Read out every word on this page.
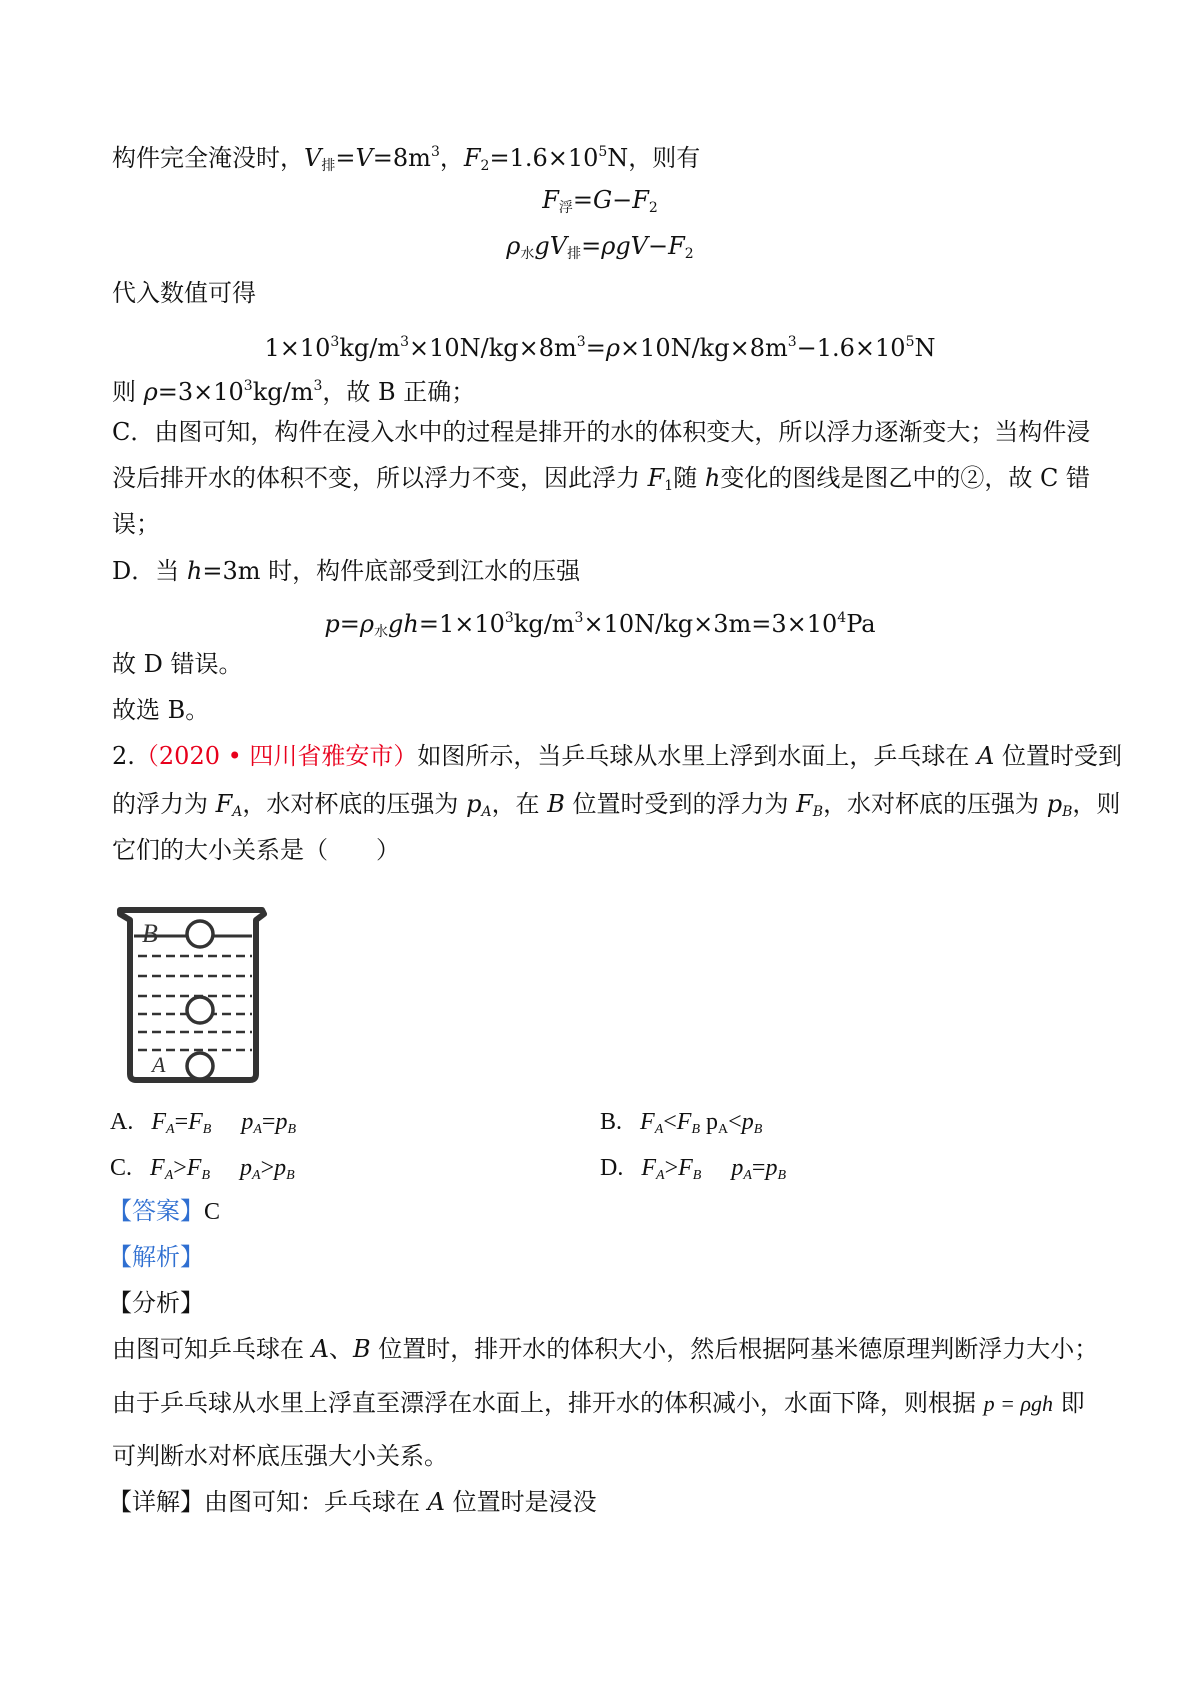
构件完全淹没时，$V_排=V=8m^3$，$F_2=1.6\times 10^5N$，则有
$F_浮=G-F_2$
$\rho_水gV_排=\rho gV-F_2$
代入数值可得
$1\times 10^3kg/m^3\times 10N/kg\times 8m^3=\rho\times 10N/kg\times 8m^3-1.6\times 10^5N$
则 $\rho=3\times 10^3kg/m^3$，故 B 正确；
C．由图可知，构件在浸入水中的过程是排开的水的体积变大，所以浮力逐渐变大；当构件浸
没后排开水的体积不变，所以浮力不变，因此浮力 $F_1$随 h变化的图线是图乙中的②，故 C 错
误；
D．当 h=3m 时，构件底部受到江水的压强
$p=\rho_水gh=1\times 10^3kg/m^3\times 10N/kg\times 3m=3\times 10^4Pa$
故 D 错误。
故选 B。
2.（2020 • 四川省雅安市）如图所示，当乒乓球从水里上浮到水面上，乒乓球在 A 位置时受到
的浮力为 $F_A$，水对杯底的压强为 $p_A$，在 B 位置时受到的浮力为 $F_B$，水对杯底的压强为 $p_B$，则
它们的大小关系是（　　）
B
A
A. $F_A=F_B$ $p_A=p_B$	B. $F_A<F_B$ $p_A<p_B$
C. $F_A>F_B$ $p_A>p_B$	D. $F_A>F_B$ $p_A=p_B$
【答案】C
【解析】
【分析】
由图可知乒乓球在 A、B 位置时，排开水的体积大小，然后根据阿基米德原理判断浮力大小；
由于乒乓球从水里上浮直至漂浮在水面上，排开水的体积减小，水面下降，则根据 p = ρgh 即
可判断水对杯底压强大小关系。
【详解】由图可知：乒乓球在 A 位置时是浸没
